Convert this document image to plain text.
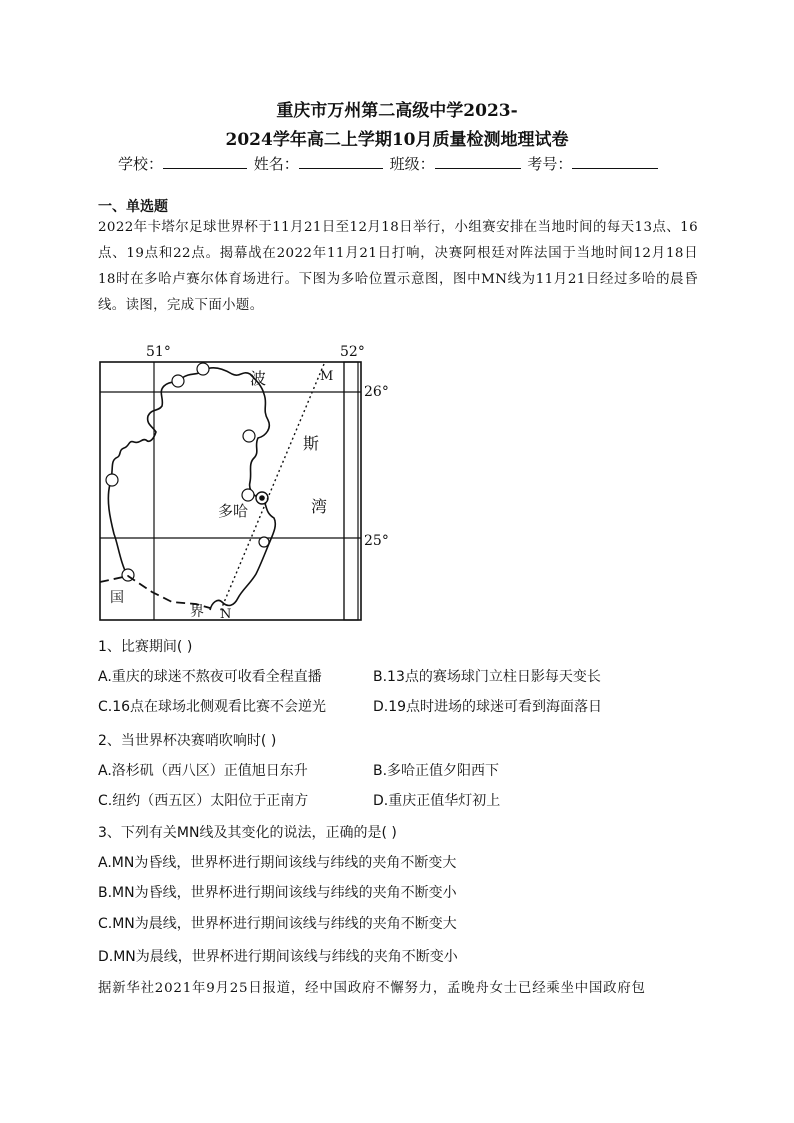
重庆市万州第二高级中学2023-
2024学年高二上学期10月质量检测地理试卷
学校：	姓名：	班级：	考号：
一、单选题
2022年卡塔尔足球世界杯于11月21日至12月18日举行，小组赛安排在当地时间的每天13点、16点、19点和22点。揭幕战在2022年11月21日打响，决赛阿根廷对阵法国于当地时间12月18日18时在多哈卢赛尔体育场进行。下图为多哈位置示意图，图中MN线为11月21日经过多哈的晨昏线。读图，完成下面小题。
51°	52°
26°
25°
波
斯
湾
多哈
国
界
M
N
1、比赛期间( )
A.重庆的球迷不熬夜可收看全程直播	B.13点的赛场球门立柱日影每天变长
C.16点在球场北侧观看比赛不会逆光	D.19点时进场的球迷可看到海面落日
2、当世界杯决赛哨吹响时( )
A.洛杉矶（西八区）正值旭日东升	B.多哈正值夕阳西下
C.纽约（西五区）太阳位于正南方	D.重庆正值华灯初上
3、下列有关MN线及其变化的说法，正确的是( )
A.MN为昏线，世界杯进行期间该线与纬线的夹角不断变大
B.MN为昏线，世界杯进行期间该线与纬线的夹角不断变小
C.MN为晨线，世界杯进行期间该线与纬线的夹角不断变大
D.MN为晨线，世界杯进行期间该线与纬线的夹角不断变小
据新华社2021年9月25日报道，经中国政府不懈努力，孟晚舟女士已经乘坐中国政府包
